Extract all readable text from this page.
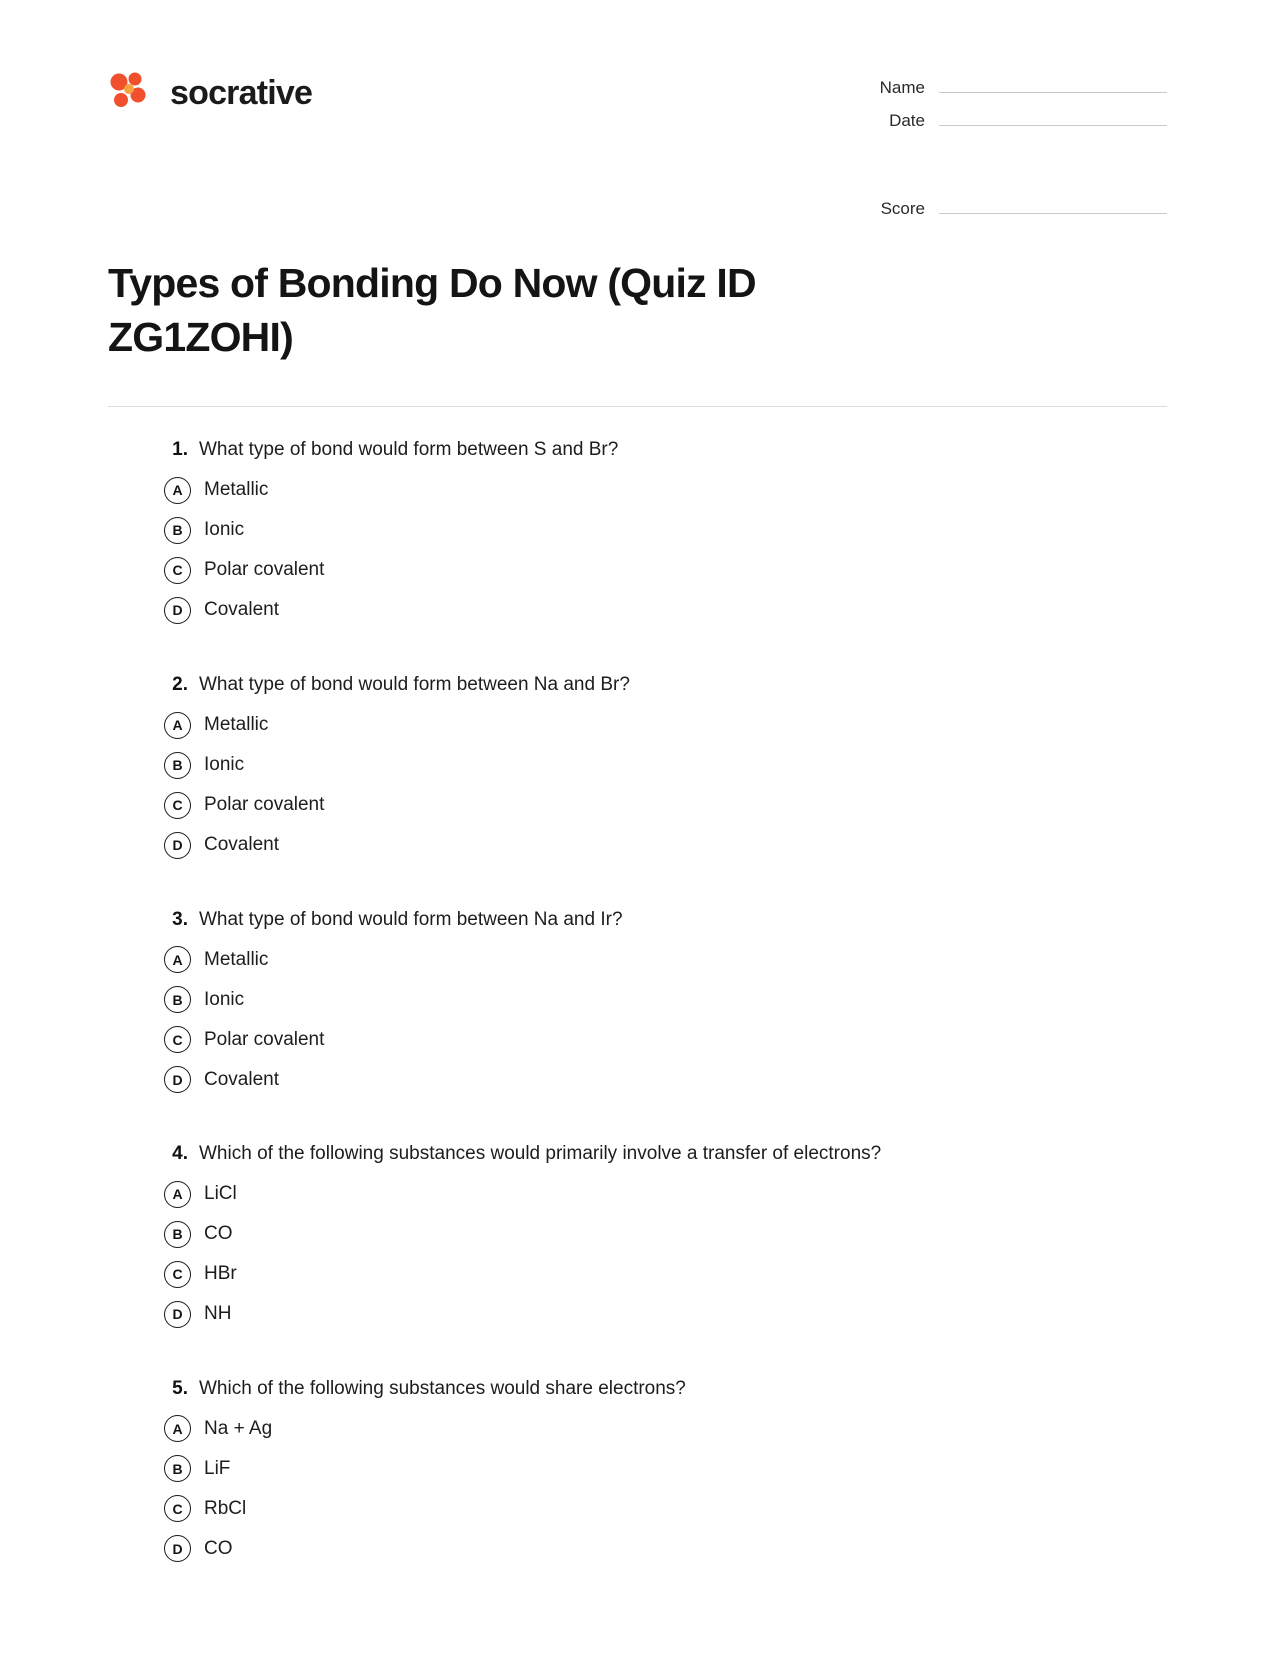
socrative	Name
Date
Score
Types of Bonding Do Now (Quiz ID ZG1ZOHI)
1. What type of bond would form between S and Br?
A	Metallic
B	Ionic
C	Polar covalent
D	Covalent
2. What type of bond would form between Na and Br?
A	Metallic
B	Ionic
C	Polar covalent
D	Covalent
3. What type of bond would form between Na and Ir?
A	Metallic
B	Ionic
C	Polar covalent
D	Covalent
4. Which of the following substances would primarily involve a transfer of electrons?
A	LiCl
B	CO
C	HBr
D	NH
5. Which of the following substances would share electrons?
A	Na + Ag
B	LiF
C	RbCl
D	CO
